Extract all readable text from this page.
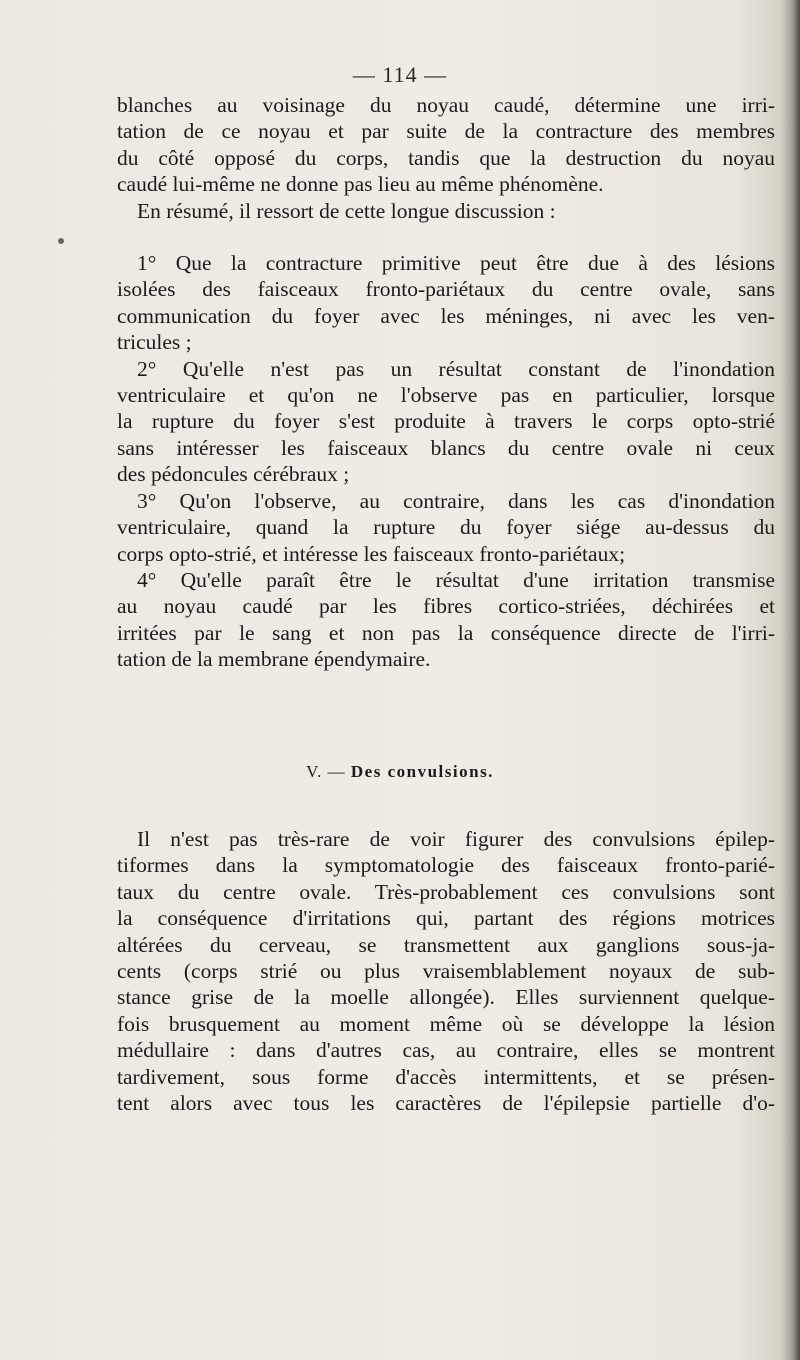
— 114 —
blanches au voisinage du noyau caudé, détermine une irri-
tation de ce noyau et par suite de la contracture des membres
du côté opposé du corps, tandis que la destruction du noyau
caudé lui-même ne donne pas lieu au même phénomène.
En résumé, il ressort de cette longue discussion :
1° Que la contracture primitive peut être due à des lésions
isolées des faisceaux fronto-pariétaux du centre ovale, sans
communication du foyer avec les méninges, ni avec les ven-
tricules ;
2° Qu'elle n'est pas un résultat constant de l'inondation
ventriculaire et qu'on ne l'observe pas en particulier, lorsque
la rupture du foyer s'est produite à travers le corps opto-strié
sans intéresser les faisceaux blancs du centre ovale ni ceux
des pédoncules cérébraux ;
3° Qu'on l'observe, au contraire, dans les cas d'inondation
ventriculaire, quand la rupture du foyer siége au-dessus du
corps opto-strié, et intéresse les faisceaux fronto-pariétaux;
4° Qu'elle paraît être le résultat d'une irritation transmise
au noyau caudé par les fibres cortico-striées, déchirées et
irritées par le sang et non pas la conséquence directe de l'irri-
tation de la membrane épendymaire.
V. — Des convulsions.
Il n'est pas très-rare de voir figurer des convulsions épilep-
tiformes dans la symptomatologie des faisceaux fronto-parié-
taux du centre ovale. Très-probablement ces convulsions sont
la conséquence d'irritations qui, partant des régions motrices
altérées du cerveau, se transmettent aux ganglions sous-ja-
cents (corps strié ou plus vraisemblablement noyaux de sub-
stance grise de la moelle allongée). Elles surviennent quelque-
fois brusquement au moment même où se développe la lésion
médullaire : dans d'autres cas, au contraire, elles se montrent
tardivement, sous forme d'accès intermittents, et se présen-
tent alors avec tous les caractères de l'épilepsie partielle d'o-
